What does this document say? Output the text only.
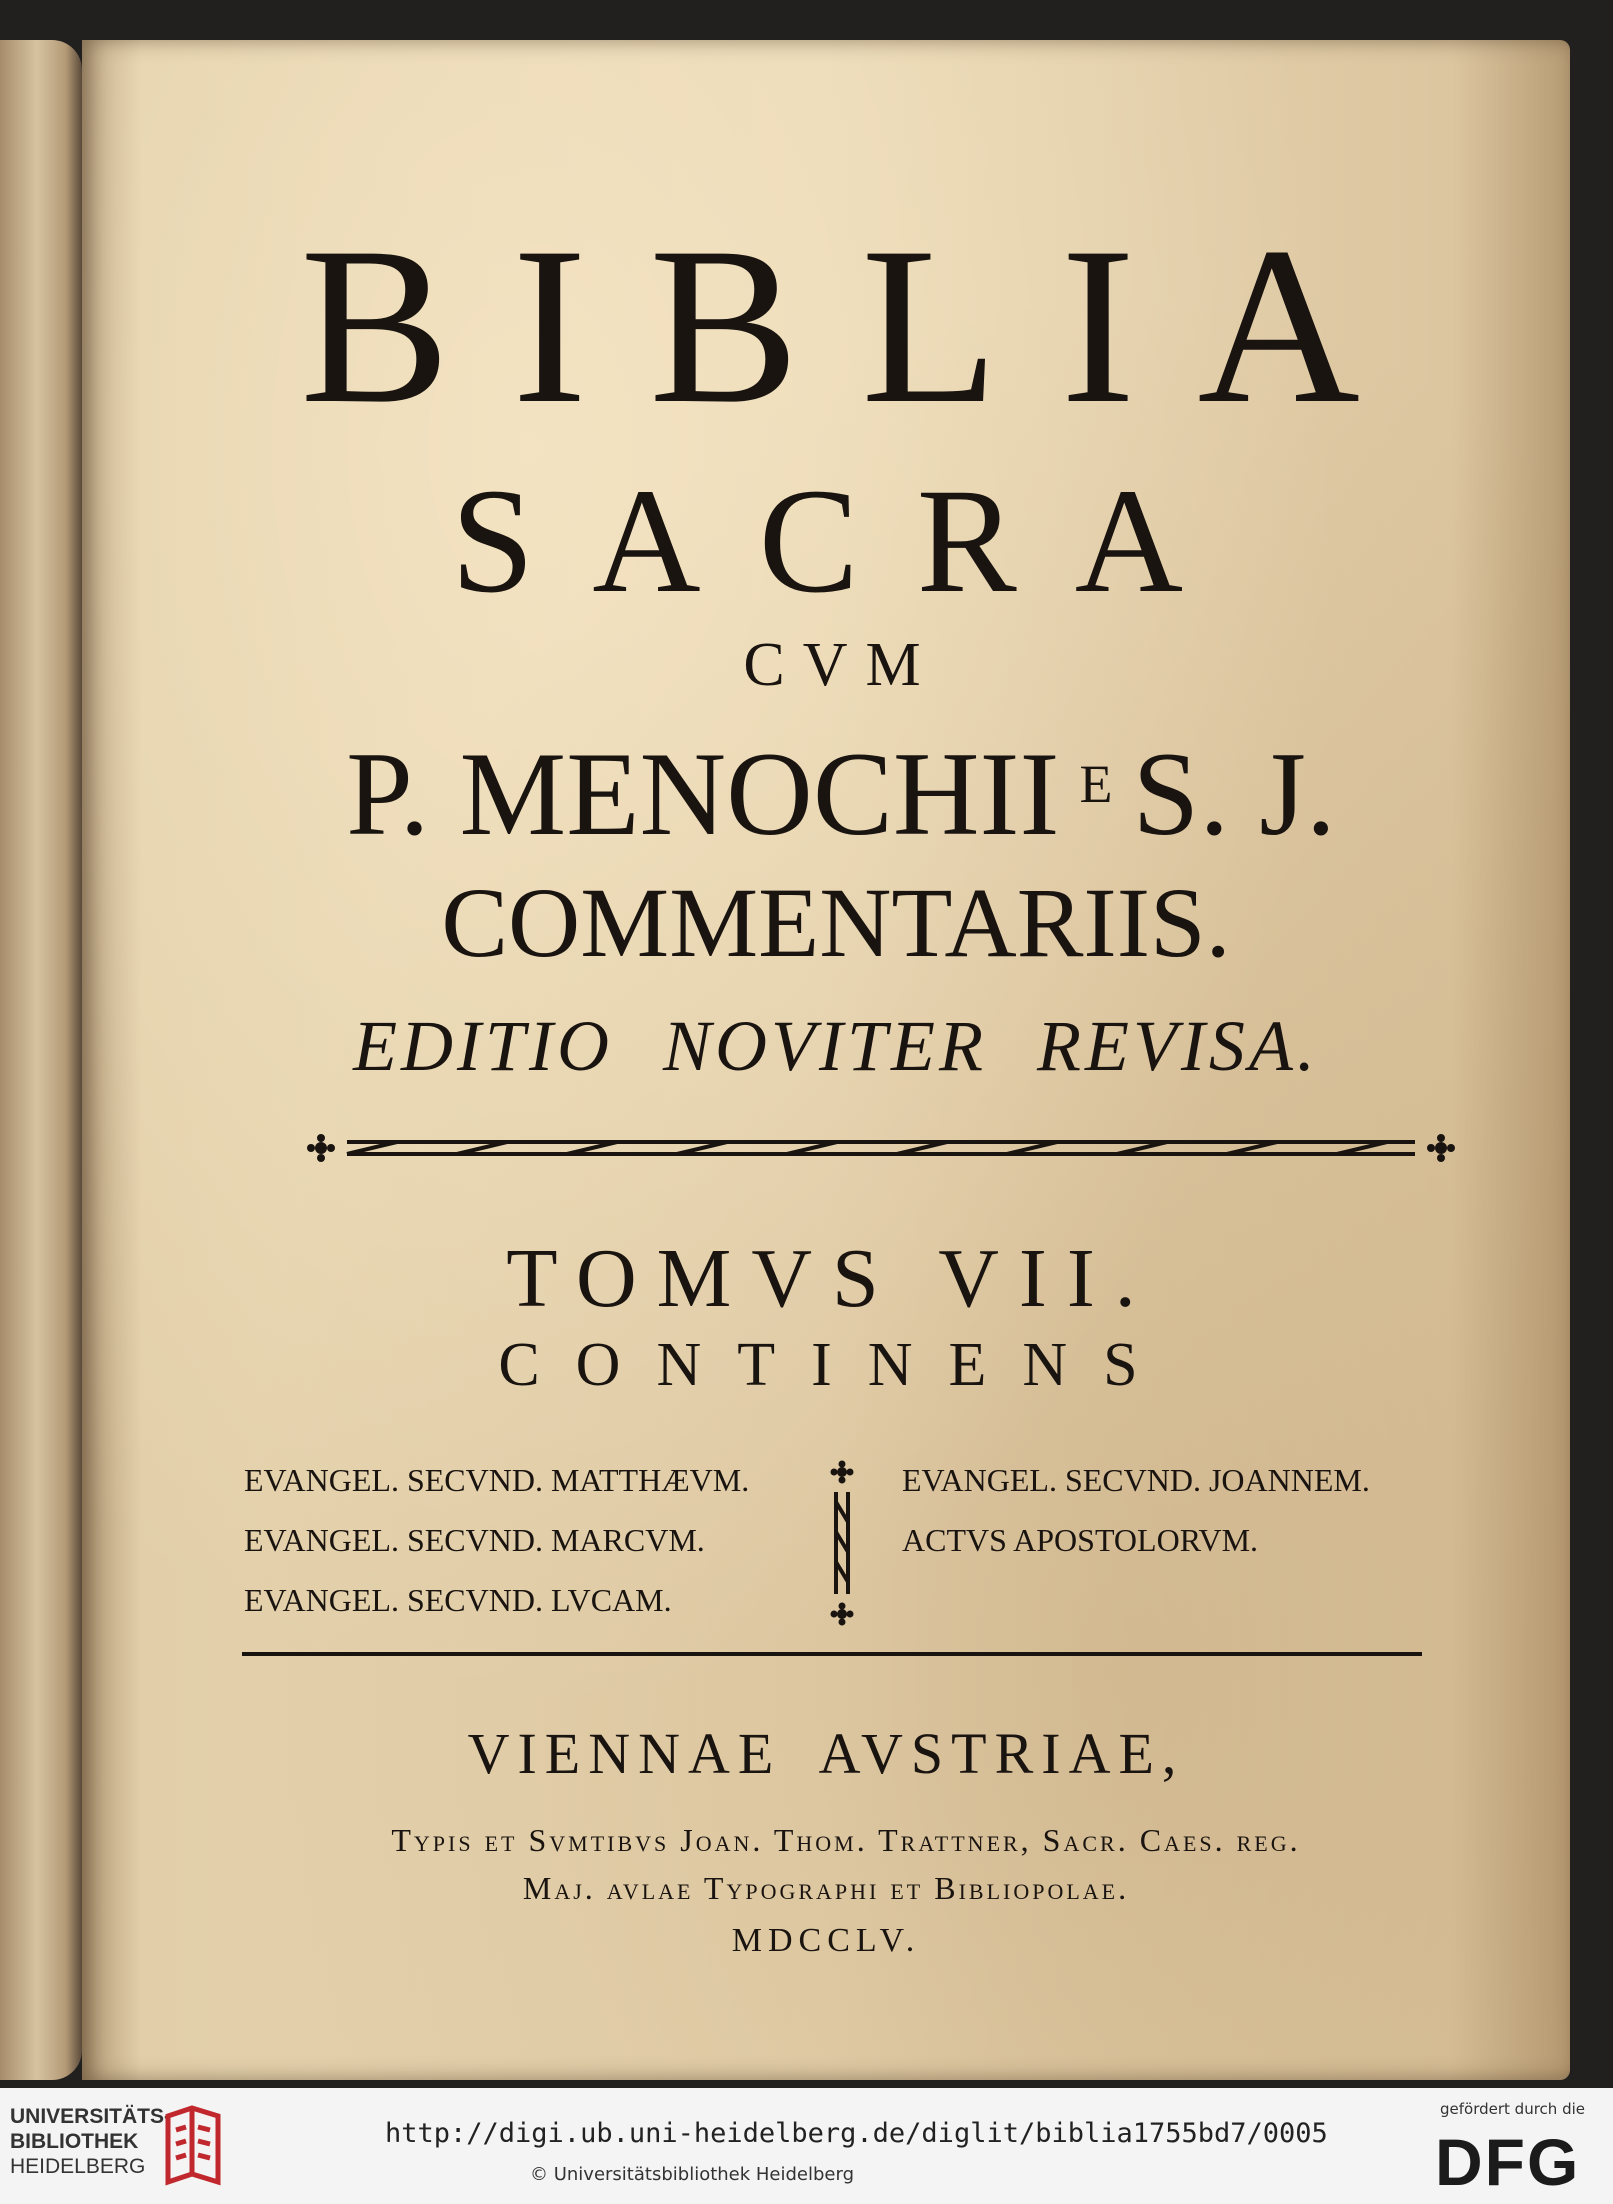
BIBLIA
SACRA
CVM
P. MENOCHII $^E$ S. J.
COMMENTARIIS.
EDITIO NOVITER REVISA.
TOMVS VII.
CONTINENS
EVANGEL. SECVND. MATTHÆVM.
EVANGEL. SECVND. MARCVM.
EVANGEL. SECVND. LVCAM.
EVANGEL. SECVND. JOANNEM.
ACTVS APOSTOLORVM.
VIENNAE AVSTRIAE,
Typis et Svmtibvs Joan. Thom. Trattner, Sacr. Caes. reg.
Maj. avlae Typographi et Bibliopolae.
MDCCLV.
UNIVERSITÄTS-
BIBLIOTHEK
HEIDELBERG
http://digi.ub.uni-heidelberg.de/diglit/biblia1755bd7/0005
© Universitätsbibliothek Heidelberg
gefördert durch die
DFG
